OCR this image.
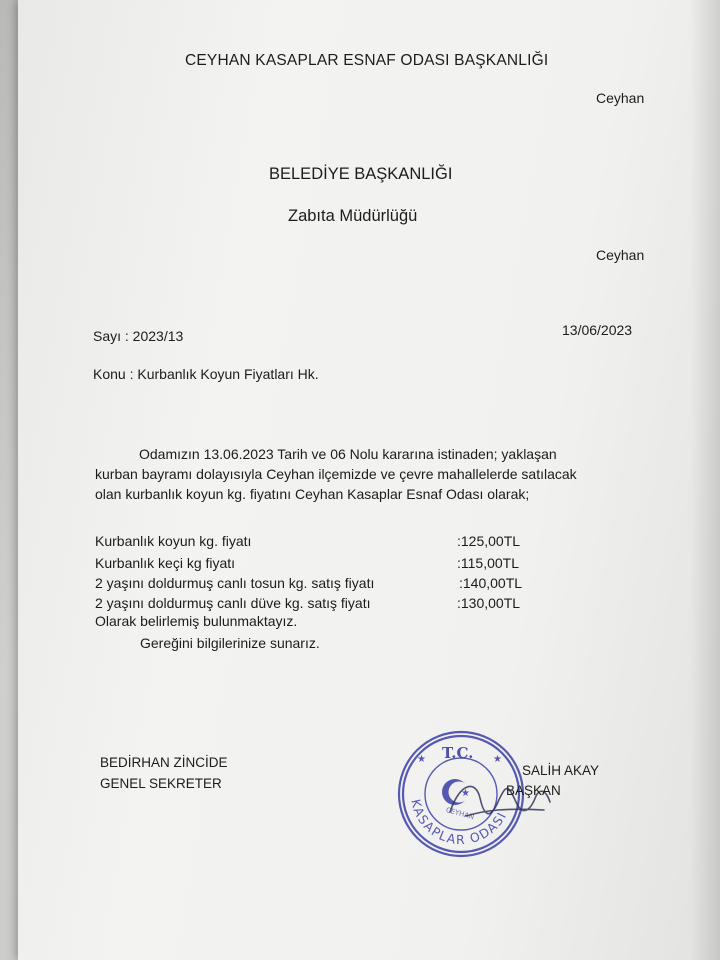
CEYHAN KASAPLAR ESNAF ODASI BAŞKANLIĞI
Ceyhan
BELEDİYE BAŞKANLIĞI
Zabıta Müdürlüğü
Ceyhan
Sayı : 2023/13	13/06/2023
Konu : Kurbanlık Koyun Fiyatları Hk.
Odamızın 13.06.2023 Tarih ve 06 Nolu kararına istinaden; yaklaşan
kurban bayramı dolayısıyla Ceyhan ilçemizde ve çevre mahallelerde satılacak
olan kurbanlık koyun kg. fiyatını Ceyhan Kasaplar Esnaf Odası olarak;
Kurbanlık koyun kg. fiyatı	:125,00TL
Kurbanlık keçi kg fiyatı	:115,00TL
2 yaşını doldurmuş canlı tosun kg. satış fiyatı	:140,00TL
2 yaşını doldurmuş canlı düve kg. satış fiyatı	:130,00TL
Olarak belirlemiş bulunmaktayız.
Gereğini bilgilerinize sunarız.
BEDİRHAN ZİNCİDE
GENEL SEKRETER
T.C.
★	★
KASAPLAR ODASI
★
CEYHAN
SALİH AKAY
BAŞKAN
